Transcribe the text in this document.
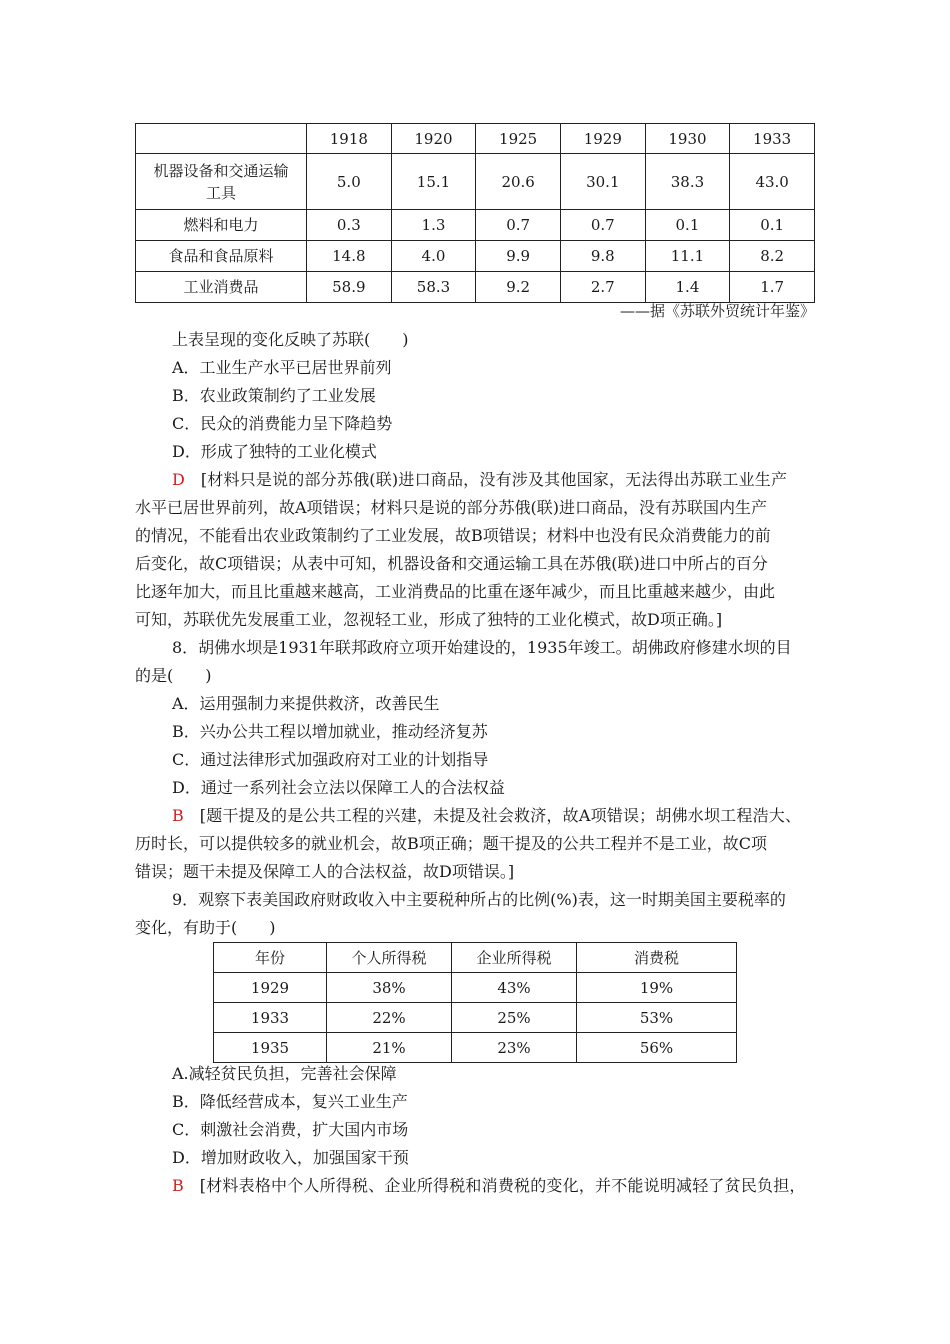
	1918	1920	1925	1929	1930	1933

机器设备和交通运输
工具	5.0	15.1	20.6	30.1	38.3	43.0
燃料和电力	0.3	1.3	0.7	0.7	0.1	0.1
食品和食品原料	14.8	4.0	9.9	9.8	11.1	8.2
工业消费品	58.9	58.3	9.2	2.7	1.4	1.7
——据《苏联外贸统计年鉴》
上表呈现的变化反映了苏联(　　)
A．工业生产水平已居世界前列
B．农业政策制约了工业发展
C．民众的消费能力呈下降趋势
D．形成了独特的工业化模式
D　 [材料只是说的部分苏俄(联)进口商品，没有涉及其他国家，无法得出苏联工业生产
水平已居世界前列，故A项错误；材料只是说的部分苏俄(联)进口商品，没有苏联国内生产
的情况，不能看出农业政策制约了工业发展，故B项错误；材料中也没有民众消费能力的前
后变化，故C项错误；从表中可知，机器设备和交通运输工具在苏俄(联)进口中所占的百分
比逐年加大，而且比重越来越高，工业消费品的比重在逐年减少，而且比重越来越少，由此
可知，苏联优先发展重工业，忽视轻工业，形成了独特的工业化模式，故D项正确。]
8．胡佛水坝是1931年联邦政府立项开始建设的，1935年竣工。胡佛政府修建水坝的目
的是(　　)
A．运用强制力来提供救济，改善民生
B．兴办公共工程以增加就业，推动经济复苏
C．通过法律形式加强政府对工业的计划指导
D．通过一系列社会立法以保障工人的合法权益
B　 [题干提及的是公共工程的兴建，未提及社会救济，故A项错误；胡佛水坝工程浩大、
历时长，可以提供较多的就业机会，故B项正确；题干提及的公共工程并不是工业，故C项
错误；题干未提及保障工人的合法权益，故D项错误。]
9．观察下表美国政府财政收入中主要税种所占的比例(%)表，这一时期美国主要税率的
变化，有助于(　　)
年份	个人所得税	企业所得税	消费税
1929	38%	43%	19%
1933	22%	25%	53%
1935	21%	23%	56%
A.减轻贫民负担，完善社会保障
B．降低经营成本，复兴工业生产
C．刺激社会消费，扩大国内市场
D．增加财政收入，加强国家干预
B　 [材料表格中个人所得税、企业所得税和消费税的变化，并不能说明减轻了贫民负担，
